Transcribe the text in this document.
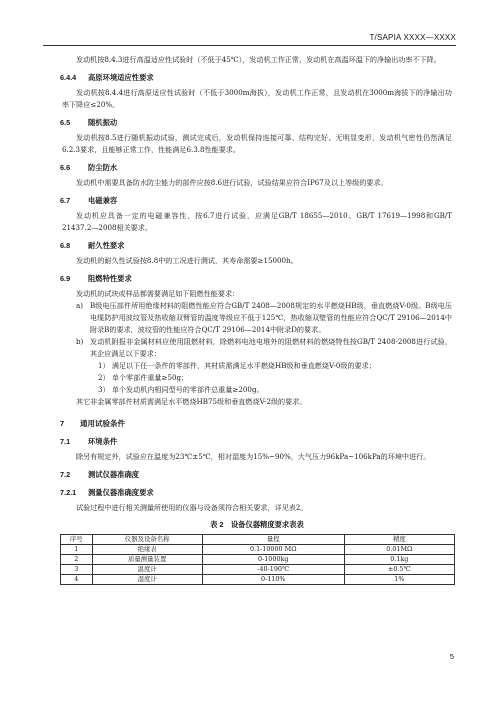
T/SAPIA XXXX—XXXX

发动机按8.4.3进行高温适应性试验时（不低于45℃），发动机工作正常，发动机在高温环温下的净输出功率不下降。

6.4.4 高原环境适应性要求

发动机按8.4.4进行高原适应性试验时（不低于3000m海拔），发动机工作正常，且发动机在3000m海拔下的净输出功率下降应≤20%。

6.5 随机振动

发动机按8.5进行随机振动试验，测试完成后，发动机保持连接可靠、结构完好、无明显变形，发动机气密性仍然满足6.2.3要求，且能够正常工作，性能满足6.3.8性能要求。

6.6 防尘防水

发动机中需要具备防水防尘能力的部件应按8.6进行试验，试验结果应符合IP67及以上等级的要求。

6.7 电磁兼容

发动机应具备一定的电磁兼容性，按6.7进行试验，应满足GB/T 18655—2010、GB/T 17619—1998和GB/T 21437.2—2008相关要求。

6.8 耐久性要求

发动机的耐久性试验按8.8中的工况进行测试，其寿命需要≥15000h。

6.9 阻燃特性要求

发动机的试块或样品都需要满足如下阻燃性能要求：

a) B级电压部件所用绝缘材料的阻燃性能应符合GB/T 2408—2008规定的水平燃烧HB级，垂直燃烧V-0级。B级电压电缆防护用波纹管及热收缩双臂管的温度等级应不低于125℃，热收缩双壁管的性能应符合QC/T 29106—2014中附录B的要求，波纹管的性能应符合QC/T 29106—2014中附录D的要求。

b) 发动机附报非金属材料应使用阻燃材料，除燃料电池电堆外的阻燃材料的燃烧特性按GB/T 2408-2008进行试验，其企应满足以下要求：

1） 满足以下任一条件的零部件，其材质需满足水平燃烧HB级和垂直燃烧V-0级的要求；

2） 单个零部件重量≥50g；

3） 单个发动机内相同型号的零部件总重量≥200g。

其它非金属零部件材质需满足水平燃烧HB75级和垂直燃烧V-2级的要求。

7 通用试验条件
7.1 环境条件

除另有规定外，试验应在温度为23℃±5℃，相对湿度为15%~90%，大气压力96kPa~106kPa的环境中进行。

7.2 测试仪器准确度
7.2.1 测量仪器准确度要求

试验过程中进行相关测量所使用的仪器与设备须符合相关要求，详见表2。

表 2　设备仪器精度要求表表
序号	仪器及设备名称	量程	精度
1	绝缘表	0.1-10000 MΩ	0.01MΩ
2	质量测量装置	0-1000kg	0.1kg
3	温度计	-40-190℃	±0.5℃
4	湿度计	0-110%	1%
5
